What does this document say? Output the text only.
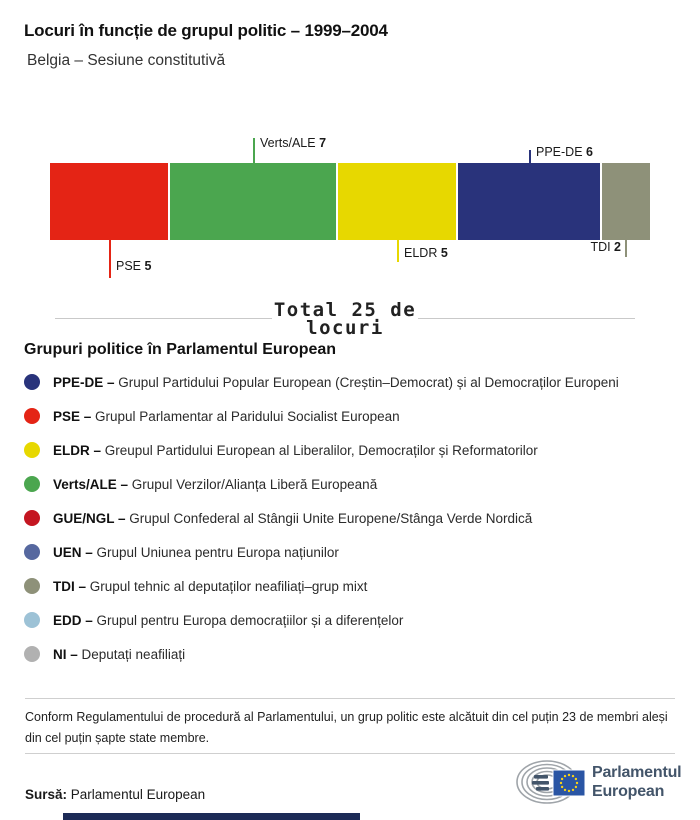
Locuri în funcție de grupul politic – 1999–2004
Belgia – Sesiune constitutivă
PSE 5
Verts/ALE 7
ELDR 5
PPE-DE 6
TDI 2
Total 25 de
locuri
Grupuri politice în Parlamentul European
PPE-DE – Grupul Partidului Popular European (Creștin–Democrat) și al Democraților Europeni
PSE – Grupul Parlamentar al Paridului Socialist European
ELDR – Greupul Partidului European al Liberalilor, Democraților și Reformatorilor
Verts/ALE – Grupul Verzilor/Alianța Liberă Europeană
GUE/NGL – Grupul Confederal al Stângii Unite Europene/Stânga Verde Nordică
UEN – Grupul Uniunea pentru Europa națiunilor
TDI – Grupul tehnic al deputaților neafiliați–grup mixt
EDD – Grupul pentru Europa democrațiilor și a diferențelor
NI – Deputați neafiliați
Conform Regulamentului de procedură al Parlamentului, un grup politic este alcătuit din cel puțin 23 de membri aleși din cel puțin șapte state membre.
Sursă: Parlamentul European
Parlamentul
European
